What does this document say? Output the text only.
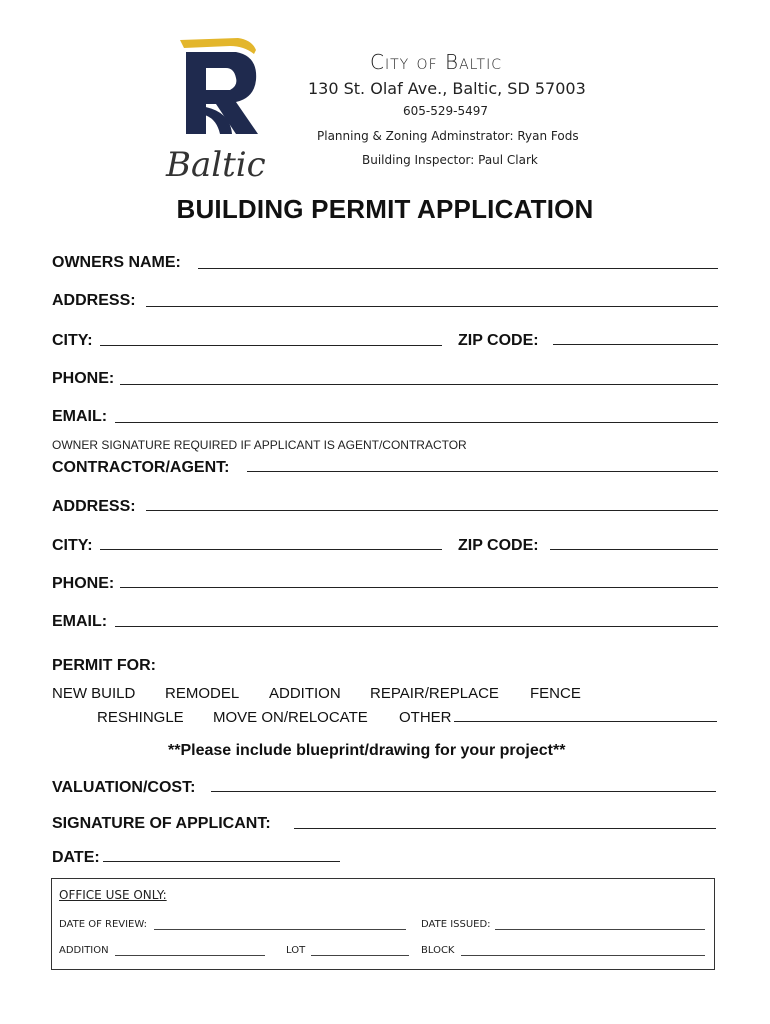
Baltic
City of Baltic
130 St. Olaf Ave., Baltic, SD 57003
605-529-5497
Planning & Zoning Adminstrator: Ryan Fods
Building Inspector: Paul Clark
BUILDING PERMIT APPLICATION
OWNERS NAME:
ADDRESS:
CITY:	ZIP CODE:
PHONE:
EMAIL:
OWNER SIGNATURE REQUIRED IF APPLICANT IS AGENT/CONTRACTOR
CONTRACTOR/AGENT:
ADDRESS:
CITY:	ZIP CODE:
PHONE:
EMAIL:
PERMIT FOR:
NEW BUILD REMODEL ADDITION REPAIR/REPLACE FENCE
RESHINGLE MOVE ON/RELOCATE OTHER
**Please include blueprint/drawing for your project**
VALUATION/COST:
SIGNATURE OF APPLICANT:
DATE:
OFFICE USE ONLY:
DATE OF REVIEW:	DATE ISSUED:
ADDITION	LOT	BLOCK
